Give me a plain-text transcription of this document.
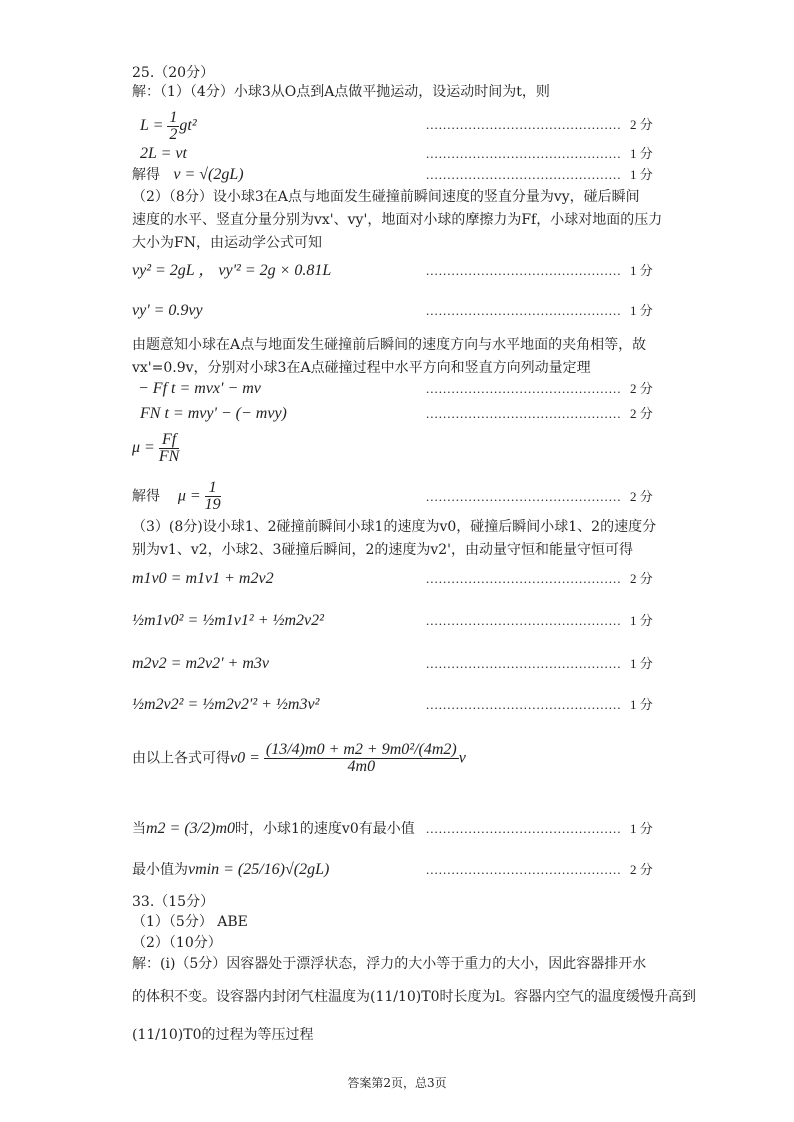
25.（20分）
解：（1）（4分）小球3从O点到A点做平抛运动，设运动时间为t，则
$L = \frac{1}{2} gt^2$	.............................................. 2 分
2L = vt	.............................................. 1 分
解得 v = √(2gL)	.............................................. 1 分
（2）（8分）设小球3在A点与地面发生碰撞前瞬间速度的竖直分量为vy，碰后瞬间
速度的水平、竖直分量分别为vx'、vy'，地面对小球的摩擦力为Ff，小球对地面的压力
大小为FN，由运动学公式可知
vy² = 2gL ， vy'² = 2g × 0.81L	.............................................. 1 分
vy' = 0.9vy	.............................................. 1 分
由题意知小球在A点与地面发生碰撞前后瞬间的速度方向与水平地面的夹角相等，故
vx'=0.9v，分别对小球3在A点碰撞过程中水平方向和竖直方向列动量定理
− Ff t = mvx' − mv	.............................................. 2 分
FN t = mvy' − (− mvy)	.............................................. 2 分
$\mu = \frac{Ff}{FN}$
解得 $\mu = \frac{1}{19}$	.............................................. 2 分
（3）(8分)设小球1、2碰撞前瞬间小球1的速度为v0，碰撞后瞬间小球1、2的速度分
别为v1、v2，小球2、3碰撞后瞬间，2的速度为v2'，由动量守恒和能量守恒可得
m1v0 = m1v1 + m2v2	.............................................. 2 分
½m1v0² = ½m1v1² + ½m2v2²	.............................................. 1 分
m2v2 = m2v2' + m3v	.............................................. 1 分
½m2v2² = ½m2v2'² + ½m3v²	.............................................. 1 分
由以上各式可得$v0 = \frac{\text{(13/4)m0 + m2 + 9m0²/(4m2)}}{4m0}$ v
当m2 = (3/2)m0时，小球1的速度v0有最小值 .............................................. 1 分
最小值为vmin = (25/16)√(2gL)	.............................................. 2 分
33.（15分）
（1）（5分） ABE
（2）（10分）
解：(i)（5分）因容器处于漂浮状态，浮力的大小等于重力的大小，因此容器排开水
的体积不变。设容器内封闭气柱温度为(11/10)T0时长度为l。容器内空气的温度缓慢升高到
(11/10)T0的过程为等压过程
答案第2页，总3页
